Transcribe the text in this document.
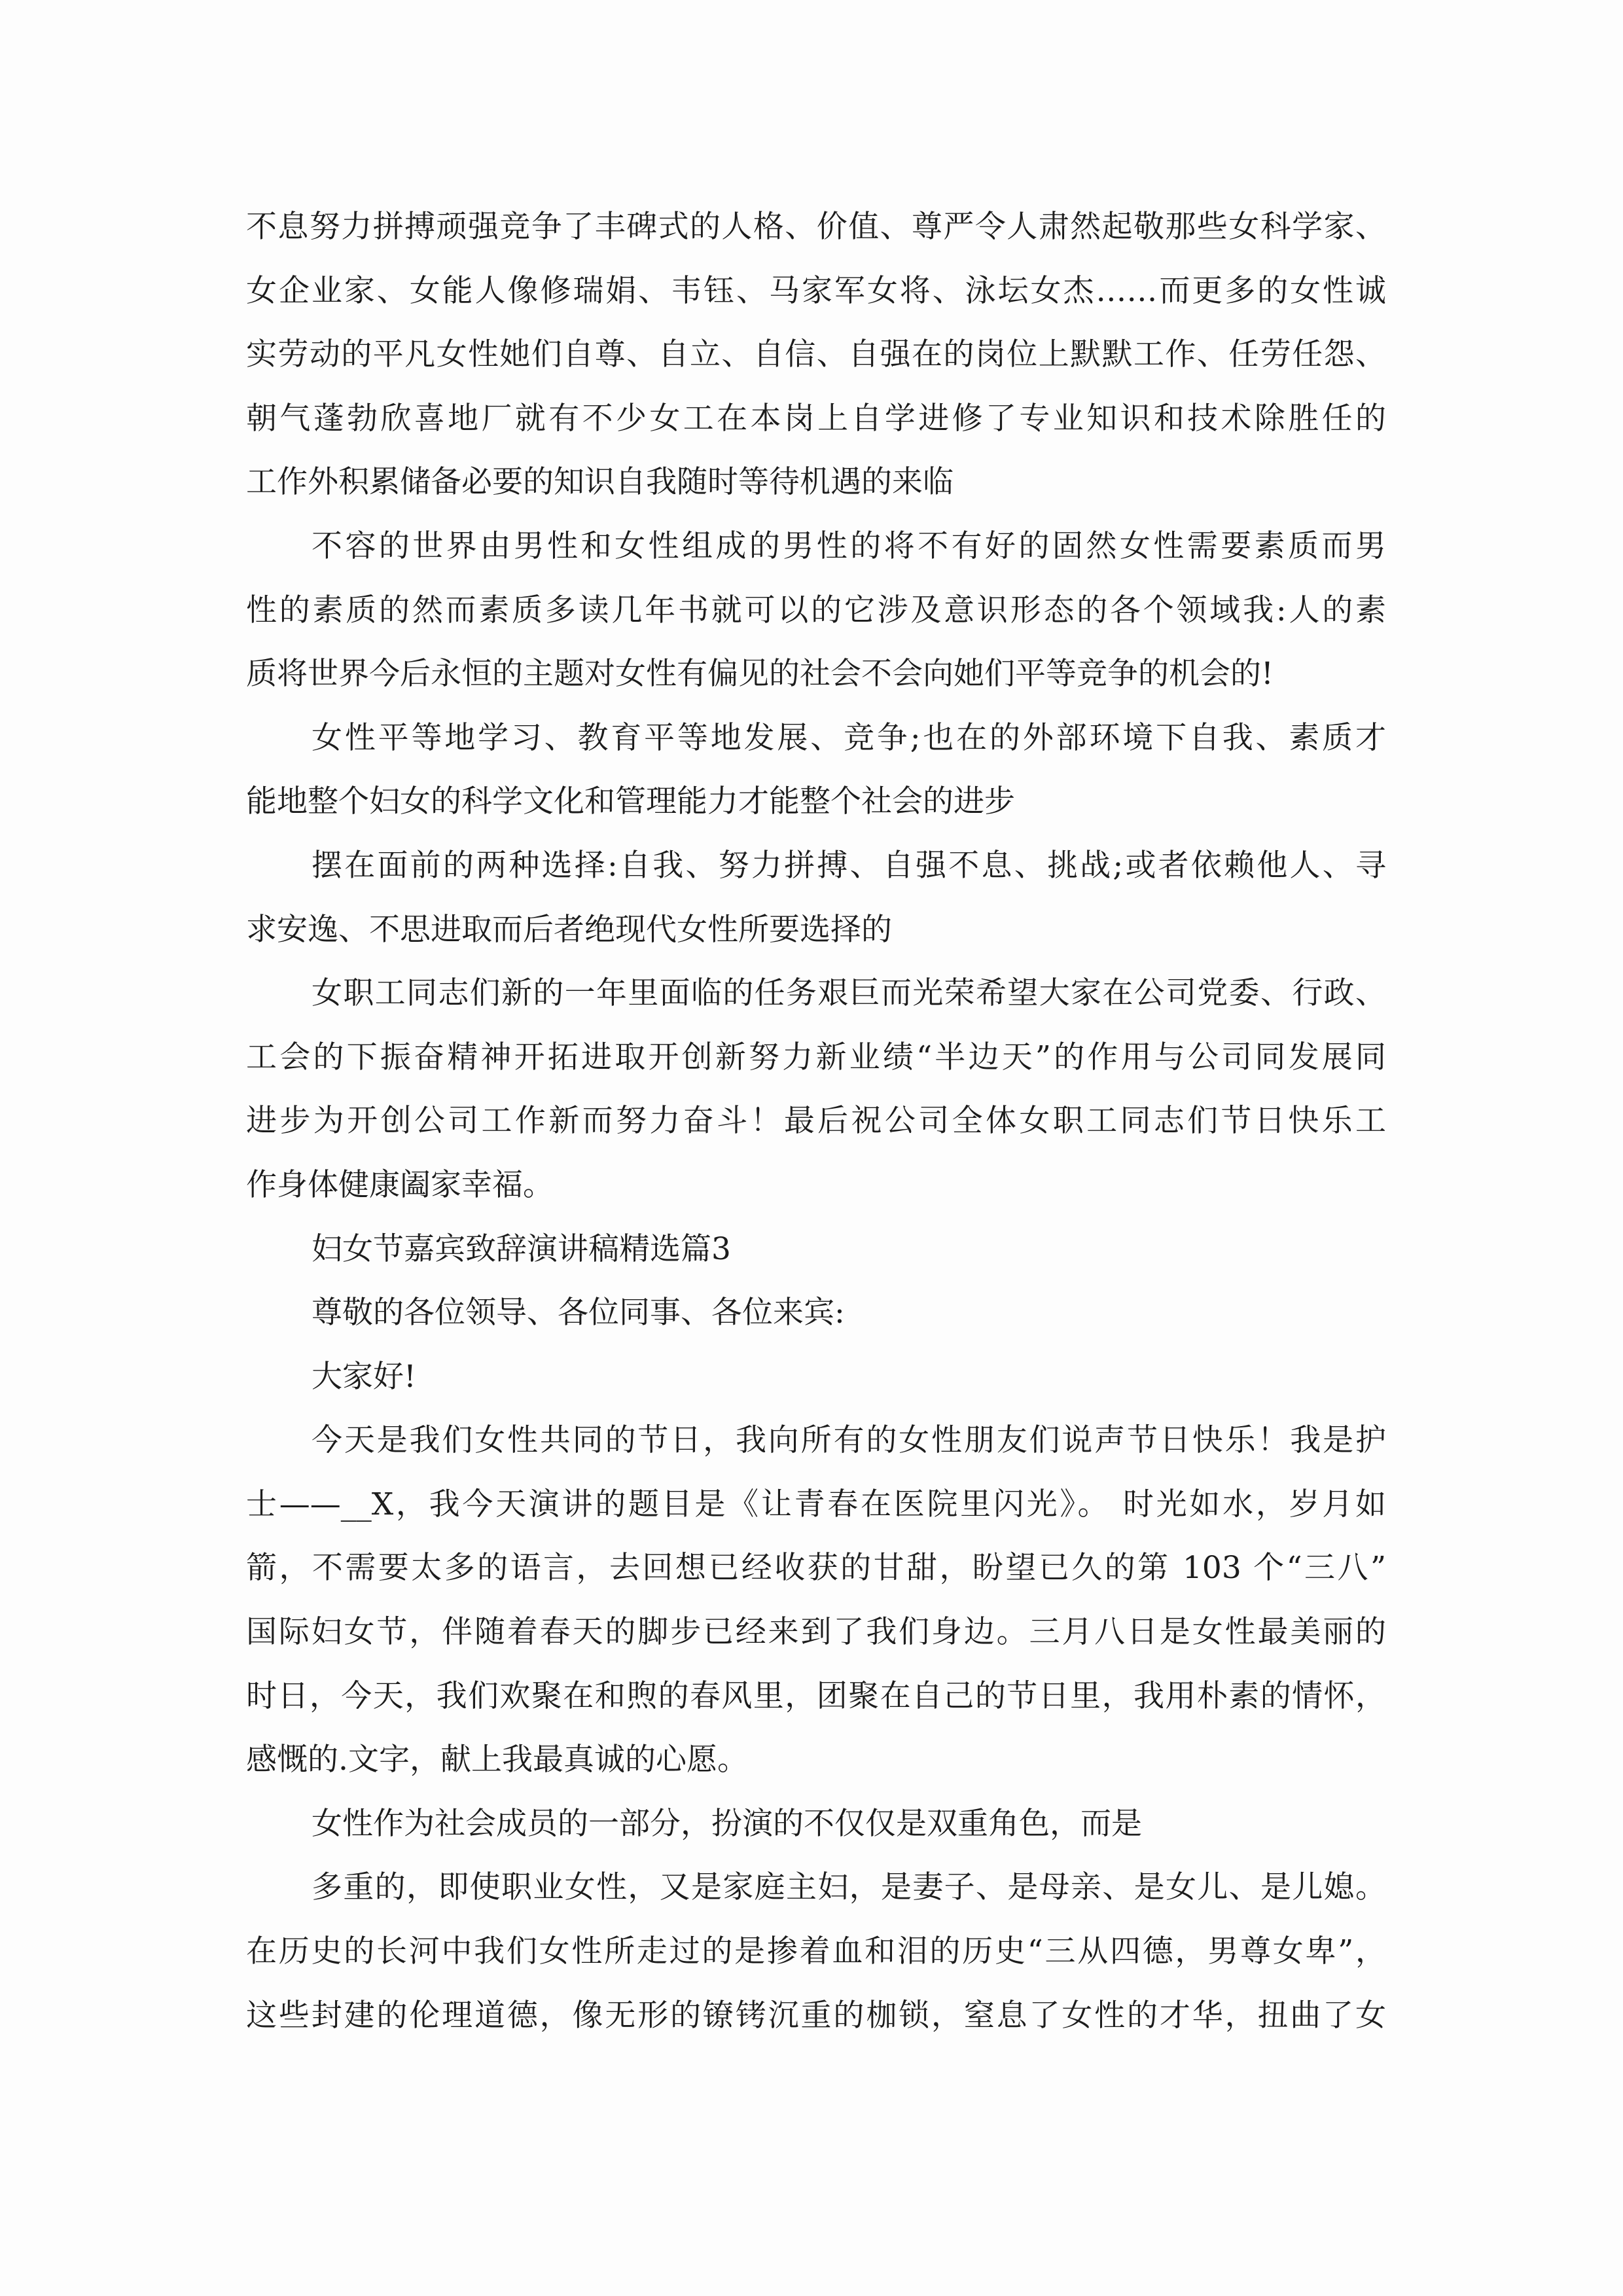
不息努力拼搏顽强竞争了丰碑式的人格、价值、尊严令人肃然起敬那些女科学家、
女企业家、女能人像修瑞娟、韦钰、马家军女将、泳坛女杰……而更多的女性诚
实劳动的平凡女性她们自尊、自立、自信、自强在的岗位上默默工作、任劳任怨、
朝气蓬勃欣喜地厂就有不少女工在本岗上自学进修了专业知识和技术除胜任的
工作外积累储备必要的知识自我随时等待机遇的来临
不容的世界由男性和女性组成的男性的将不有好的固然女性需要素质而男
性的素质的然而素质多读几年书就可以的它涉及意识形态的各个领域我:人的素
质将世界今后永恒的主题对女性有偏见的社会不会向她们平等竞争的机会的!
女性平等地学习、教育平等地发展、竞争;也在的外部环境下自我、素质才
能地整个妇女的科学文化和管理能力才能整个社会的进步
摆在面前的两种选择:自我、努力拼搏、自强不息、挑战;或者依赖他人、寻
求安逸、不思进取而后者绝现代女性所要选择的
女职工同志们新的一年里面临的任务艰巨而光荣希望大家在公司党委、行政、
工会的下振奋精神开拓进取开创新努力新业绩“半边天”的作用与公司同发展同
进步为开创公司工作新而努力奋斗！最后祝公司全体女职工同志们节日快乐工
作身体健康阖家幸福。
妇女节嘉宾致辞演讲稿精选篇3
尊敬的各位领导、各位同事、各位来宾:
大家好!
今天是我们女性共同的节日，我向所有的女性朋友们说声节日快乐！我是护
士——__X，我今天演讲的题目是《让青春在医院里闪光》。 时光如水，岁月如
箭，不需要太多的语言，去回想已经收获的甘甜，盼望已久的第 103 个“三八”
国际妇女节，伴随着春天的脚步已经来到了我们身边。三月八日是女性最美丽的
时日，今天，我们欢聚在和煦的春风里，团聚在自己的节日里，我用朴素的情怀，
感慨的.文字，献上我最真诚的心愿。
女性作为社会成员的一部分，扮演的不仅仅是双重角色，而是
多重的，即使职业女性，又是家庭主妇，是妻子、是母亲、是女儿、是儿媳。
在历史的长河中我们女性所走过的是掺着血和泪的历史“三从四德，男尊女卑”，
这些封建的伦理道德，像无形的镣铐沉重的枷锁，窒息了女性的才华，扭曲了女
